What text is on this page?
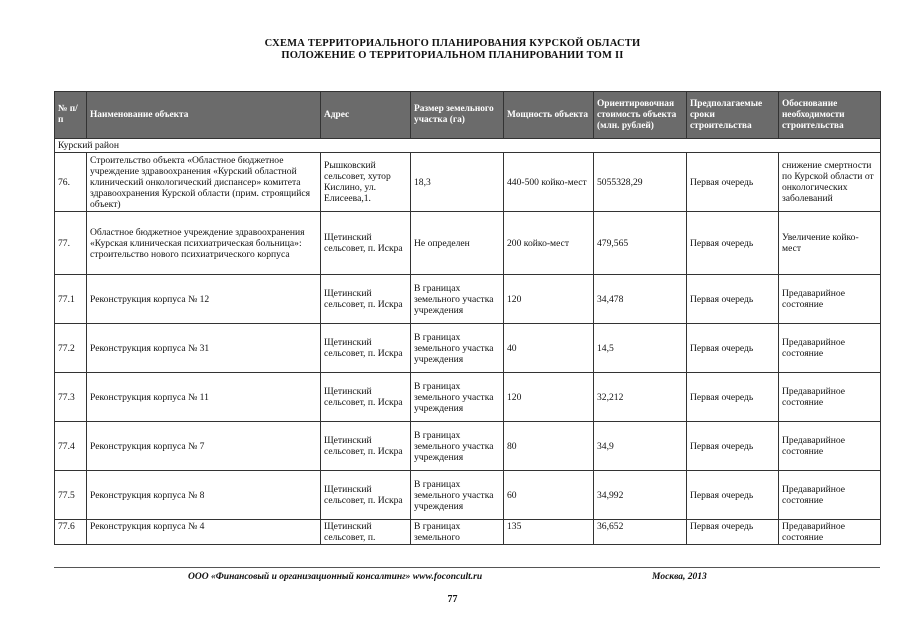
СХЕМА ТЕРРИТОРИАЛЬНОГО ПЛАНИРОВАНИЯ КУРСКОЙ ОБЛАСТИ
ПОЛОЖЕНИЕ О ТЕРРИТОРИАЛЬНОМ ПЛАНИРОВАНИИ ТОМ II
№ п/п	Наименование объекта	Адрес	Размер земельного участка (га)	Мощность объекта	Ориентировочная стоимость объекта (млн. рублей)	Предполагаемые сроки строительства	Обоснование необходимости строительства
Курский район							
76.	Строительство объекта «Областное бюджетное учреждение здравоохранения «Курский областной клинический онкологический диспансер» комитета здравоохранения Курской области (прим. строящийся объект)	Рышковский сельсовет, хутор Кислино, ул. Елисеева,1.	18,3	440-500 койко-мест	5055328,29	Первая очередь	снижение смертности по Курской области от онкологических заболеваний
77.	Областное бюджетное учреждение здравоохранения «Курская клиническая психиатрическая больница»: строительство нового психиатрического корпуса	Щетинский сельсовет, п. Искра	Не определен	200 койко-мест	479,565	Первая очередь	Увеличение койко-мест
77.1	Реконструкция корпуса № 12	Щетинский сельсовет, п. Искра	В границах земельного участка учреждения	120	34,478	Первая очередь	Предаварийное состояние
77.2	Реконструкция корпуса № 31	Щетинский сельсовет, п. Искра	В границах земельного участка учреждения	40	14,5	Первая очередь	Предаварийное состояние
77.3	Реконструкция корпуса № 11	Щетинский сельсовет, п. Искра	В границах земельного участка учреждения	120	32,212	Первая очередь	Предаварийное состояние
77.4	Реконструкция корпуса № 7	Щетинский сельсовет, п. Искра	В границах земельного участка учреждения	80	34,9	Первая очередь	Предаварийное состояние
77.5	Реконструкция корпуса № 8	Щетинский сельсовет, п. Искра	В границах земельного участка учреждения	60	34,992	Первая очередь	Предаварийное состояние
77.6	Реконструкция корпуса № 4	Щетинский сельсовет, п.	В границах земельного	135	36,652	Первая очередь	Предаварийное состояние
ООО «Финансовый и организационный консалтинг» www.foconcult.ru	Москва, 2013
77
